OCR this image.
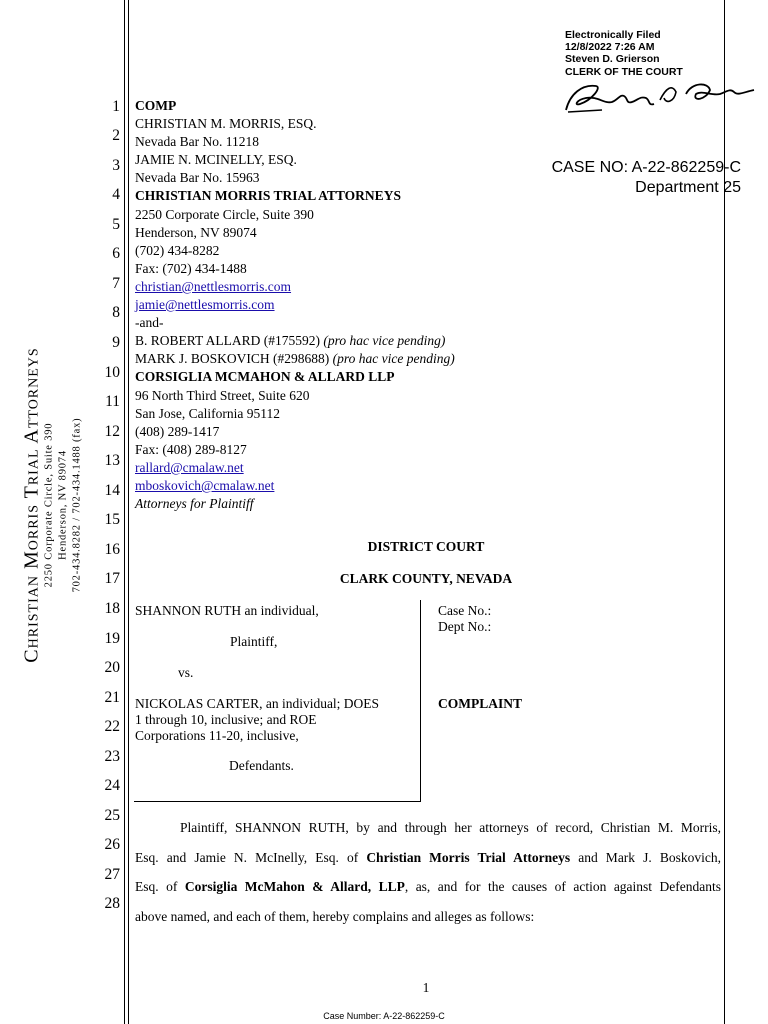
Christian Morris Trial Attorneys 2250 Corporate Circle, Suite 390 Henderson, NV 89074 702-434.8282 / 702-434.1488 (fax)
Electronically Filed
12/8/2022 7:26 AM
Steven D. Grierson
CLERK OF THE COURT
CASE NO: A-22-862259-C
Department 25
1
2
3
4
5
6
7
8
9
10
11
12
13
14
15
16
17
18
19
20
21
22
23
24
25
26
27
28
COMP
CHRISTIAN M. MORRIS, ESQ.
Nevada Bar No. 11218
JAMIE N. MCINELLY, ESQ.
Nevada Bar No. 15963
CHRISTIAN MORRIS TRIAL ATTORNEYS
2250 Corporate Circle, Suite 390
Henderson, NV 89074
(702) 434-8282
Fax: (702) 434-1488
christian@nettlesmorris.com
jamie@nettlesmorris.com
-and-
B. ROBERT ALLARD (#175592) (pro hac vice pending)
MARK J. BOSKOVICH (#298688) (pro hac vice pending)
CORSIGLIA MCMAHON & ALLARD LLP
96 North Third Street, Suite 620
San Jose, California 95112
(408) 289-1417
Fax: (408) 289-8127
rallard@cmalaw.net
mboskovich@cmalaw.net
Attorneys for Plaintiff
DISTRICT COURT
CLARK COUNTY, NEVADA
SHANNON RUTH an individual,
Plaintiff,
vs.
NICKOLAS CARTER, an individual; DOES
1 through 10, inclusive; and ROE
Corporations 11-20, inclusive,
Defendants.
Case No.:
Dept No.:
COMPLAINT
Plaintiff, SHANNON RUTH, by and through her attorneys of record, Christian M. Morris,
Esq. and Jamie N. McInelly, Esq. of Christian Morris Trial Attorneys and Mark J. Boskovich,
Esq. of Corsiglia McMahon & Allard, LLP, as, and for the causes of action against Defendants
above named, and each of them, hereby complains and alleges as follows:
1
Case Number: A-22-862259-C
